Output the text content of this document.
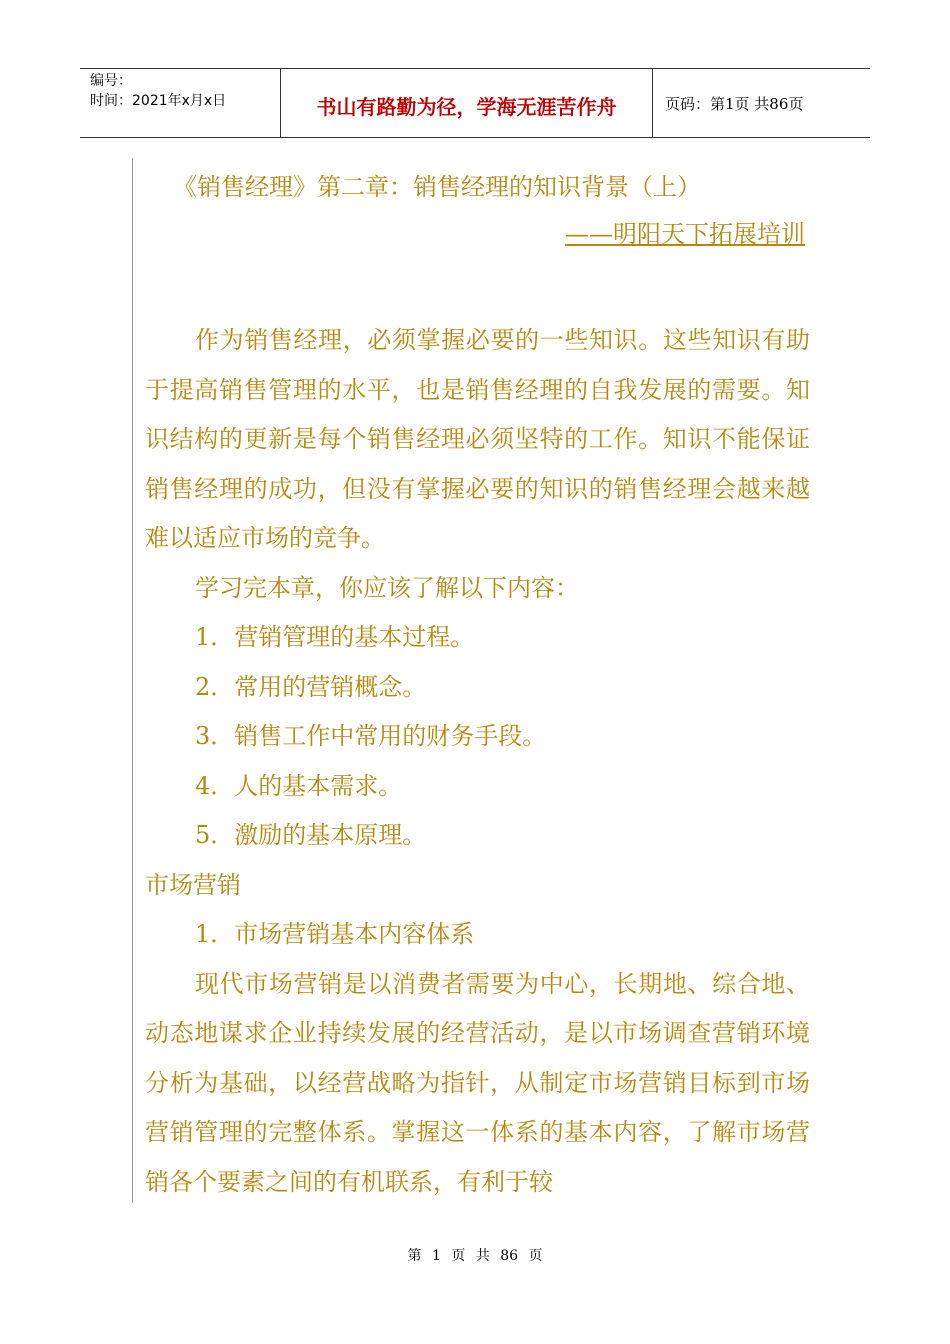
编号：
时间：2021年x月x日	书山有路勤为径，学海无涯苦作舟	页码：第1页 共86页
《销售经理》第二章：销售经理的知识背景（上）
——明阳天下拓展培训

作为销售经理，必须掌握必要的一些知识。这些知识有助于提高销售管理的水平，也是销售经理的自我发展的需要。知识结构的更新是每个销售经理必须坚特的工作。知识不能保证销售经理的成功，但没有掌握必要的知识的销售经理会越来越难以适应市场的竞争。

学习完本章，你应该了解以下内容：

1．营销管理的基本过程。

2．常用的营销概念。

3．销售工作中常用的财务手段。

4．人的基本需求。

5．激励的基本原理。

市场营销

1．市场营销基本内容体系

现代市场营销是以消费者需要为中心，长期地、综合地、动态地谋求企业持续发展的经营活动，是以市场调查营销环境分析为基础，以经营战略为指针，从制定市场营销目标到市场营销管理的完整体系。掌握这一体系的基本内容，了解市场营销各个要素之间的有机联系，有利于较

第 1 页 共 86 页
